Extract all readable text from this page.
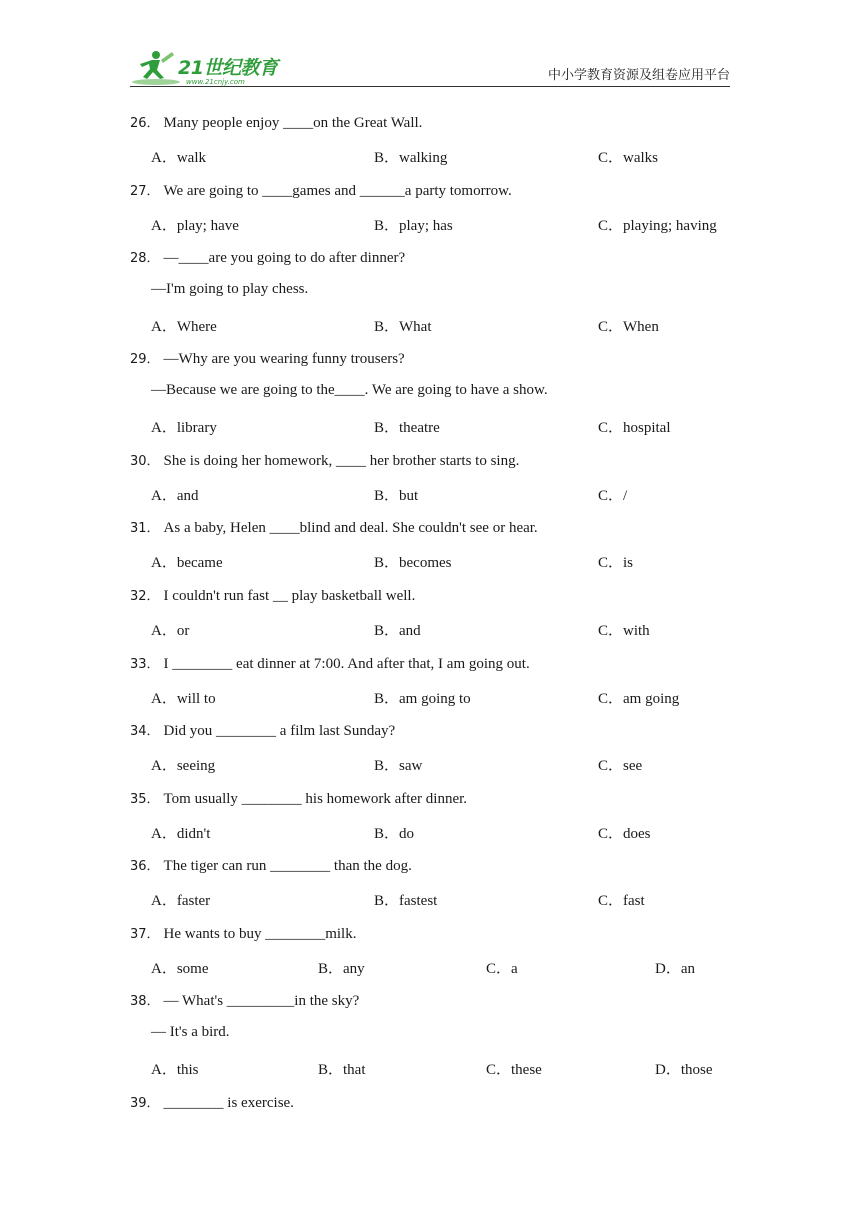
21世纪教育
www.21cnjy.com	中小学教育资源及组卷应用平台
26． Many people enjoy ____on the Great Wall.
A．walk	B．walking	C．walks
27． We are going to ____games and ______a party tomorrow.
A．play; have	B．play; has	C．playing; having
28． —____are you going to do after dinner?
—I'm going to play chess.
A．Where	B．What	C．When
29． —Why are you wearing funny trousers?
—Because we are going to the____. We are going to have a show.
A．library	B．theatre	C．hospital
30． She is doing her homework, ____ her brother starts to sing.
A．and	B．but	C．/
31． As a baby, Helen ____blind and deal. She couldn't see or hear.
A．became	B．becomes	C．is
32． I couldn't run fast __ play basketball well.
A．or	B．and	C．with
33． I ________ eat dinner at 7:00. And after that, I am going out.
A．will to	B．am going to	C．am going
34． Did you ________ a film last Sunday?
A．seeing	B．saw	C．see
35． Tom usually ________ his homework after dinner.
A．didn't	B．do	C．does
36． The tiger can run ________ than the dog.
A．faster	B．fastest	C．fast
37． He wants to buy ________milk.
A．some	B．any	C．a	D．an
38． — What's _________in the sky?
— It's a bird.
A．this	B．that	C．these	D．those
39． ________ is exercise.
